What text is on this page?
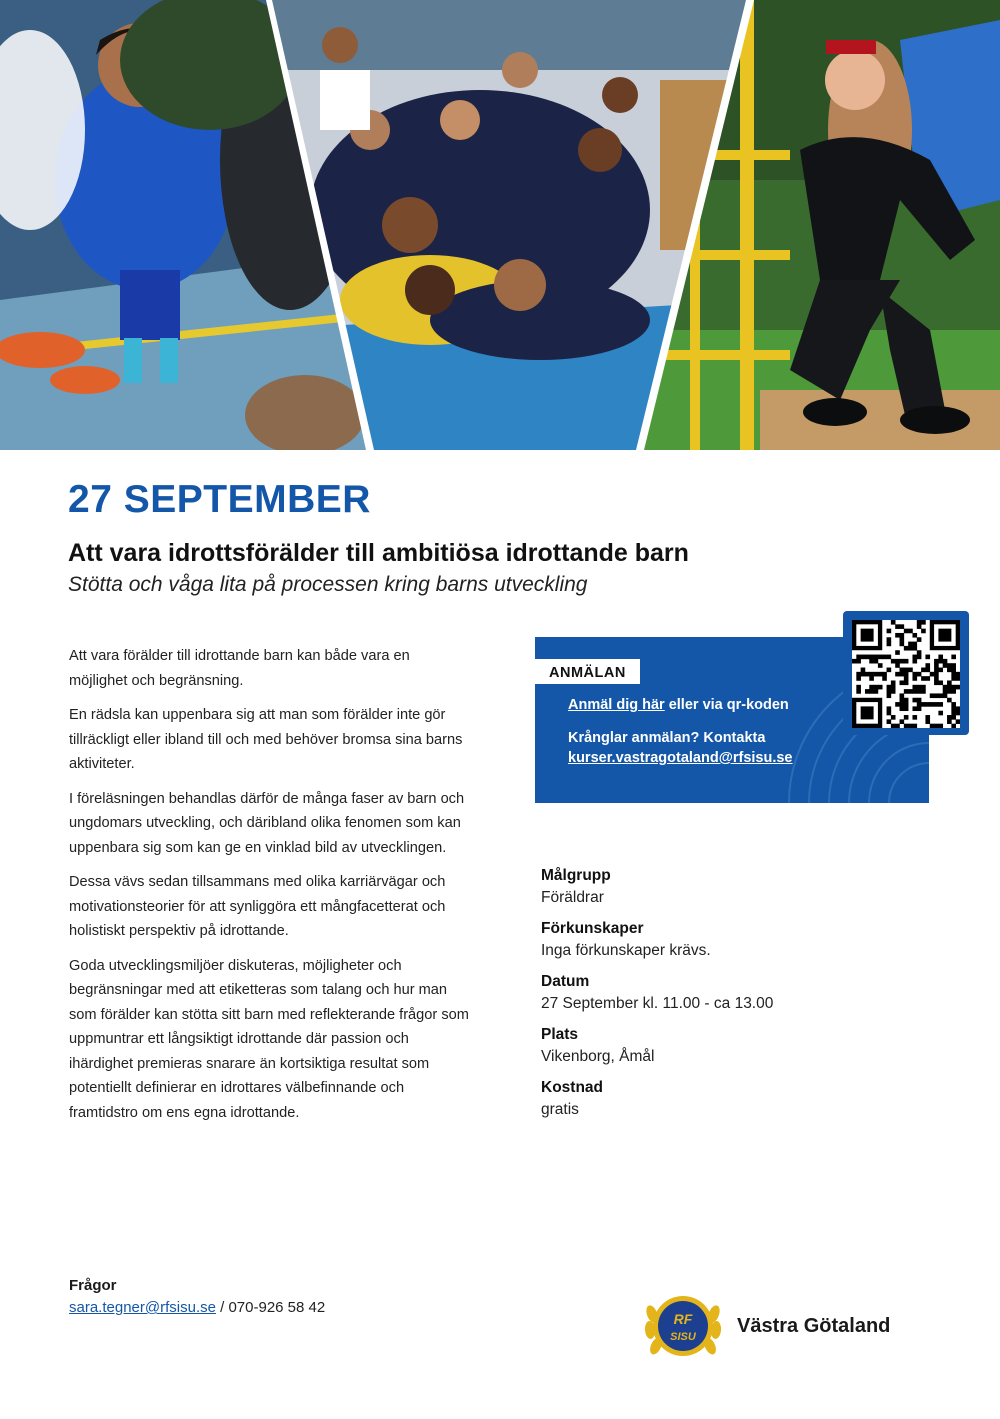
27 SEPTEMBER
Att vara idrottsförälder till ambitiösa idrottande barn

Stötta och våga lita på processen kring barns utveckling

Att vara förälder till idrottande barn kan både vara en möjlighet och begränsning.

En rädsla kan uppenbara sig att man som förälder inte gör tillräckligt eller ibland till och med behöver bromsa sina barns aktiviteter.

I föreläsningen behandlas därför de många faser av barn och ungdomars utveckling, och däribland olika fenomen som kan uppenbara sig som kan ge en vinklad bild av utvecklingen.

Dessa vävs sedan tillsammans med olika karriärvägar och motivationsteorier för att synliggöra ett mångfacetterat och holistiskt perspektiv på idrottande.

Goda utvecklingsmiljöer diskuteras, möjligheter och begränsningar med att etiketteras som talang och hur man som förälder kan stötta sitt barn med reflekterande frågor som uppmuntrar ett långsiktigt idrottande där passion och ihärdighet premieras snarare än kortsiktiga resultat som potentiellt definierar en idrottares välbefinnande och framtidstro om ens egna idrottande.

ANMÄLAN
Anmäl dig här eller via qr-koden
Krånglar anmälan? Kontakta
kurser.vastragotaland@rfsisu.se

Målgrupp

Föräldrar

Förkunskaper

Inga förkunskaper krävs.

Datum

27 September kl. 11.00 - ca 13.00

Plats

Vikenborg, Åmål

Kostnad

gratis

Frågor

sara.tegner@rfsisu.se / 070-926 58 42

RF
SISU Västra Götaland
